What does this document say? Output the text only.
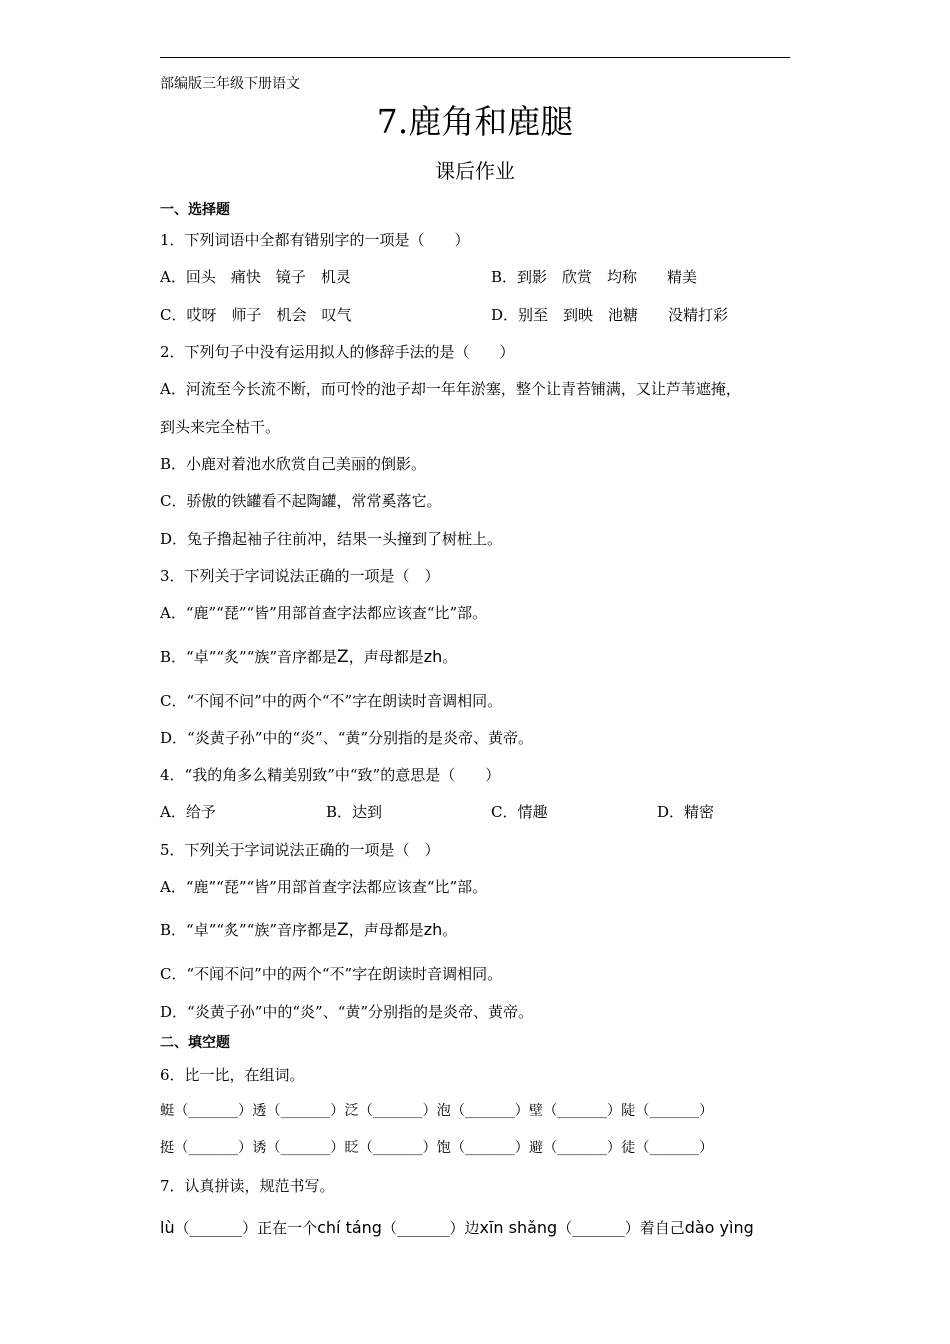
部编版三年级下册语文
7.鹿角和鹿腿
课后作业
一、选择题
1．下列词语中全都有错别字的一项是（　　）
A．回头　痛快　镜子　机灵	B．到影　欣赏　均称　　精美
C．哎呀　师子　机会　叹气	D．别至　到映　池糖　　没精打彩
2．下列句子中没有运用拟人的修辞手法的是（　　）
A．河流至今长流不断，而可怜的池子却一年年淤塞，整个让青苔铺满，又让芦苇遮掩，
到头来完全枯干。
B．小鹿对着池水欣赏自己美丽的倒影。
C．骄傲的铁罐看不起陶罐，常常奚落它。
D．兔子撸起袖子往前冲，结果一头撞到了树桩上。
3．下列关于字词说法正确的一项是（　）
A．“鹿”“琵”“皆”用部首查字法都应该查“比”部。
B．“卓”“炙”“族”音序都是Z，声母都是zh。
C．“不闻不问”中的两个“不”字在朗读时音调相同。
D．“炎黄子孙”中的“炎”、“黄”分别指的是炎帝、黄帝。
4．“我的角多么精美别致”中“致”的意思是（　　）
A．给予	B．达到	C．情趣	D．精密
5．下列关于字词说法正确的一项是（　）
A．“鹿”“琵”“皆”用部首查字法都应该查“比”部。
B．“卓”“炙”“族”音序都是Z，声母都是zh。
C．“不闻不问”中的两个“不”字在朗读时音调相同。
D．“炎黄子孙”中的“炎”、“黄”分别指的是炎帝、黄帝。
二、填空题
6．比一比，在组词。
蜓（_______）透（_______）泛（_______）泡（_______）壁（_______）陡（_______）
挺（_______）诱（_______）眨（_______）饱（_______）避（_______）徒（_______）
7．认真拼读，规范书写。
lù（_______）正在一个chí táng（_______）边xīn shǎng（_______）着自己dào yìng
